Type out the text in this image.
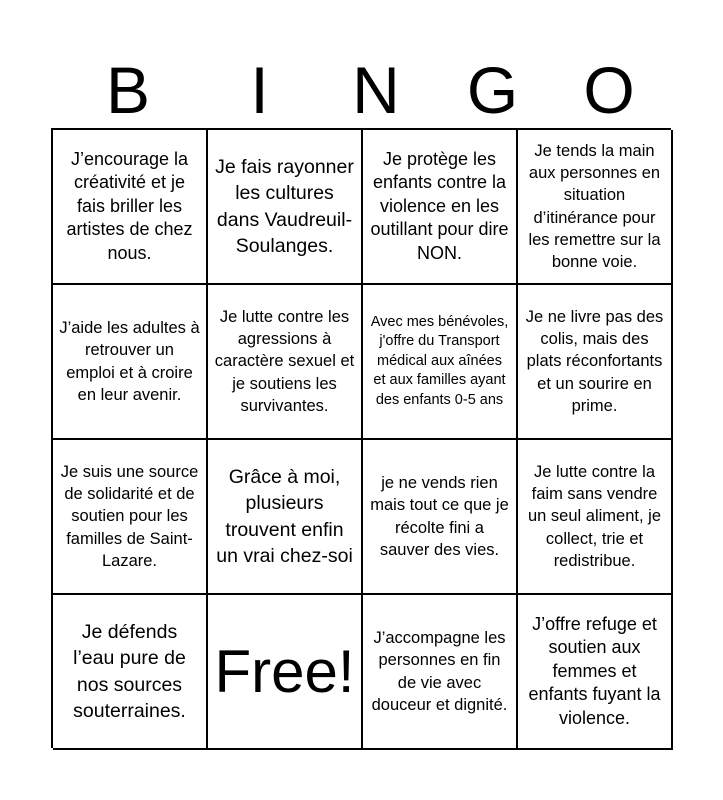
B	I	N	G O
J’encourage la créativité et je fais briller les artistes de chez nous.
Je fais rayonner les cultures dans Vaudreuil-Soulanges.
Je protège les enfants contre la violence en les outillant pour dire NON.
Je tends la main aux personnes en situation d’itinérance pour les remettre sur la bonne voie.
J’aide les adultes à retrouver un emploi et à croire en leur avenir.
Je lutte contre les agressions à caractère sexuel et je soutiens les survivantes.
Avec mes bénévoles, j'offre du Transport médical aux aînées et aux familles ayant des enfants 0-5 ans
Je ne livre pas des colis, mais des plats réconfortants et un sourire en prime.
Je suis une source de solidarité et de soutien pour les familles de Saint-Lazare.
Grâce à moi, plusieurs trouvent enfin un vrai chez-soi
je ne vends rien mais tout ce que je récolte fini a sauver des vies.
Je lutte contre la faim sans vendre un seul aliment, je collect, trie et redistribue.
Je défends l’eau pure de nos sources souterraines.
Free! J’accompagne les personnes en fin de vie avec douceur et dignité.
J’offre refuge et soutien aux femmes et enfants fuyant la violence.
